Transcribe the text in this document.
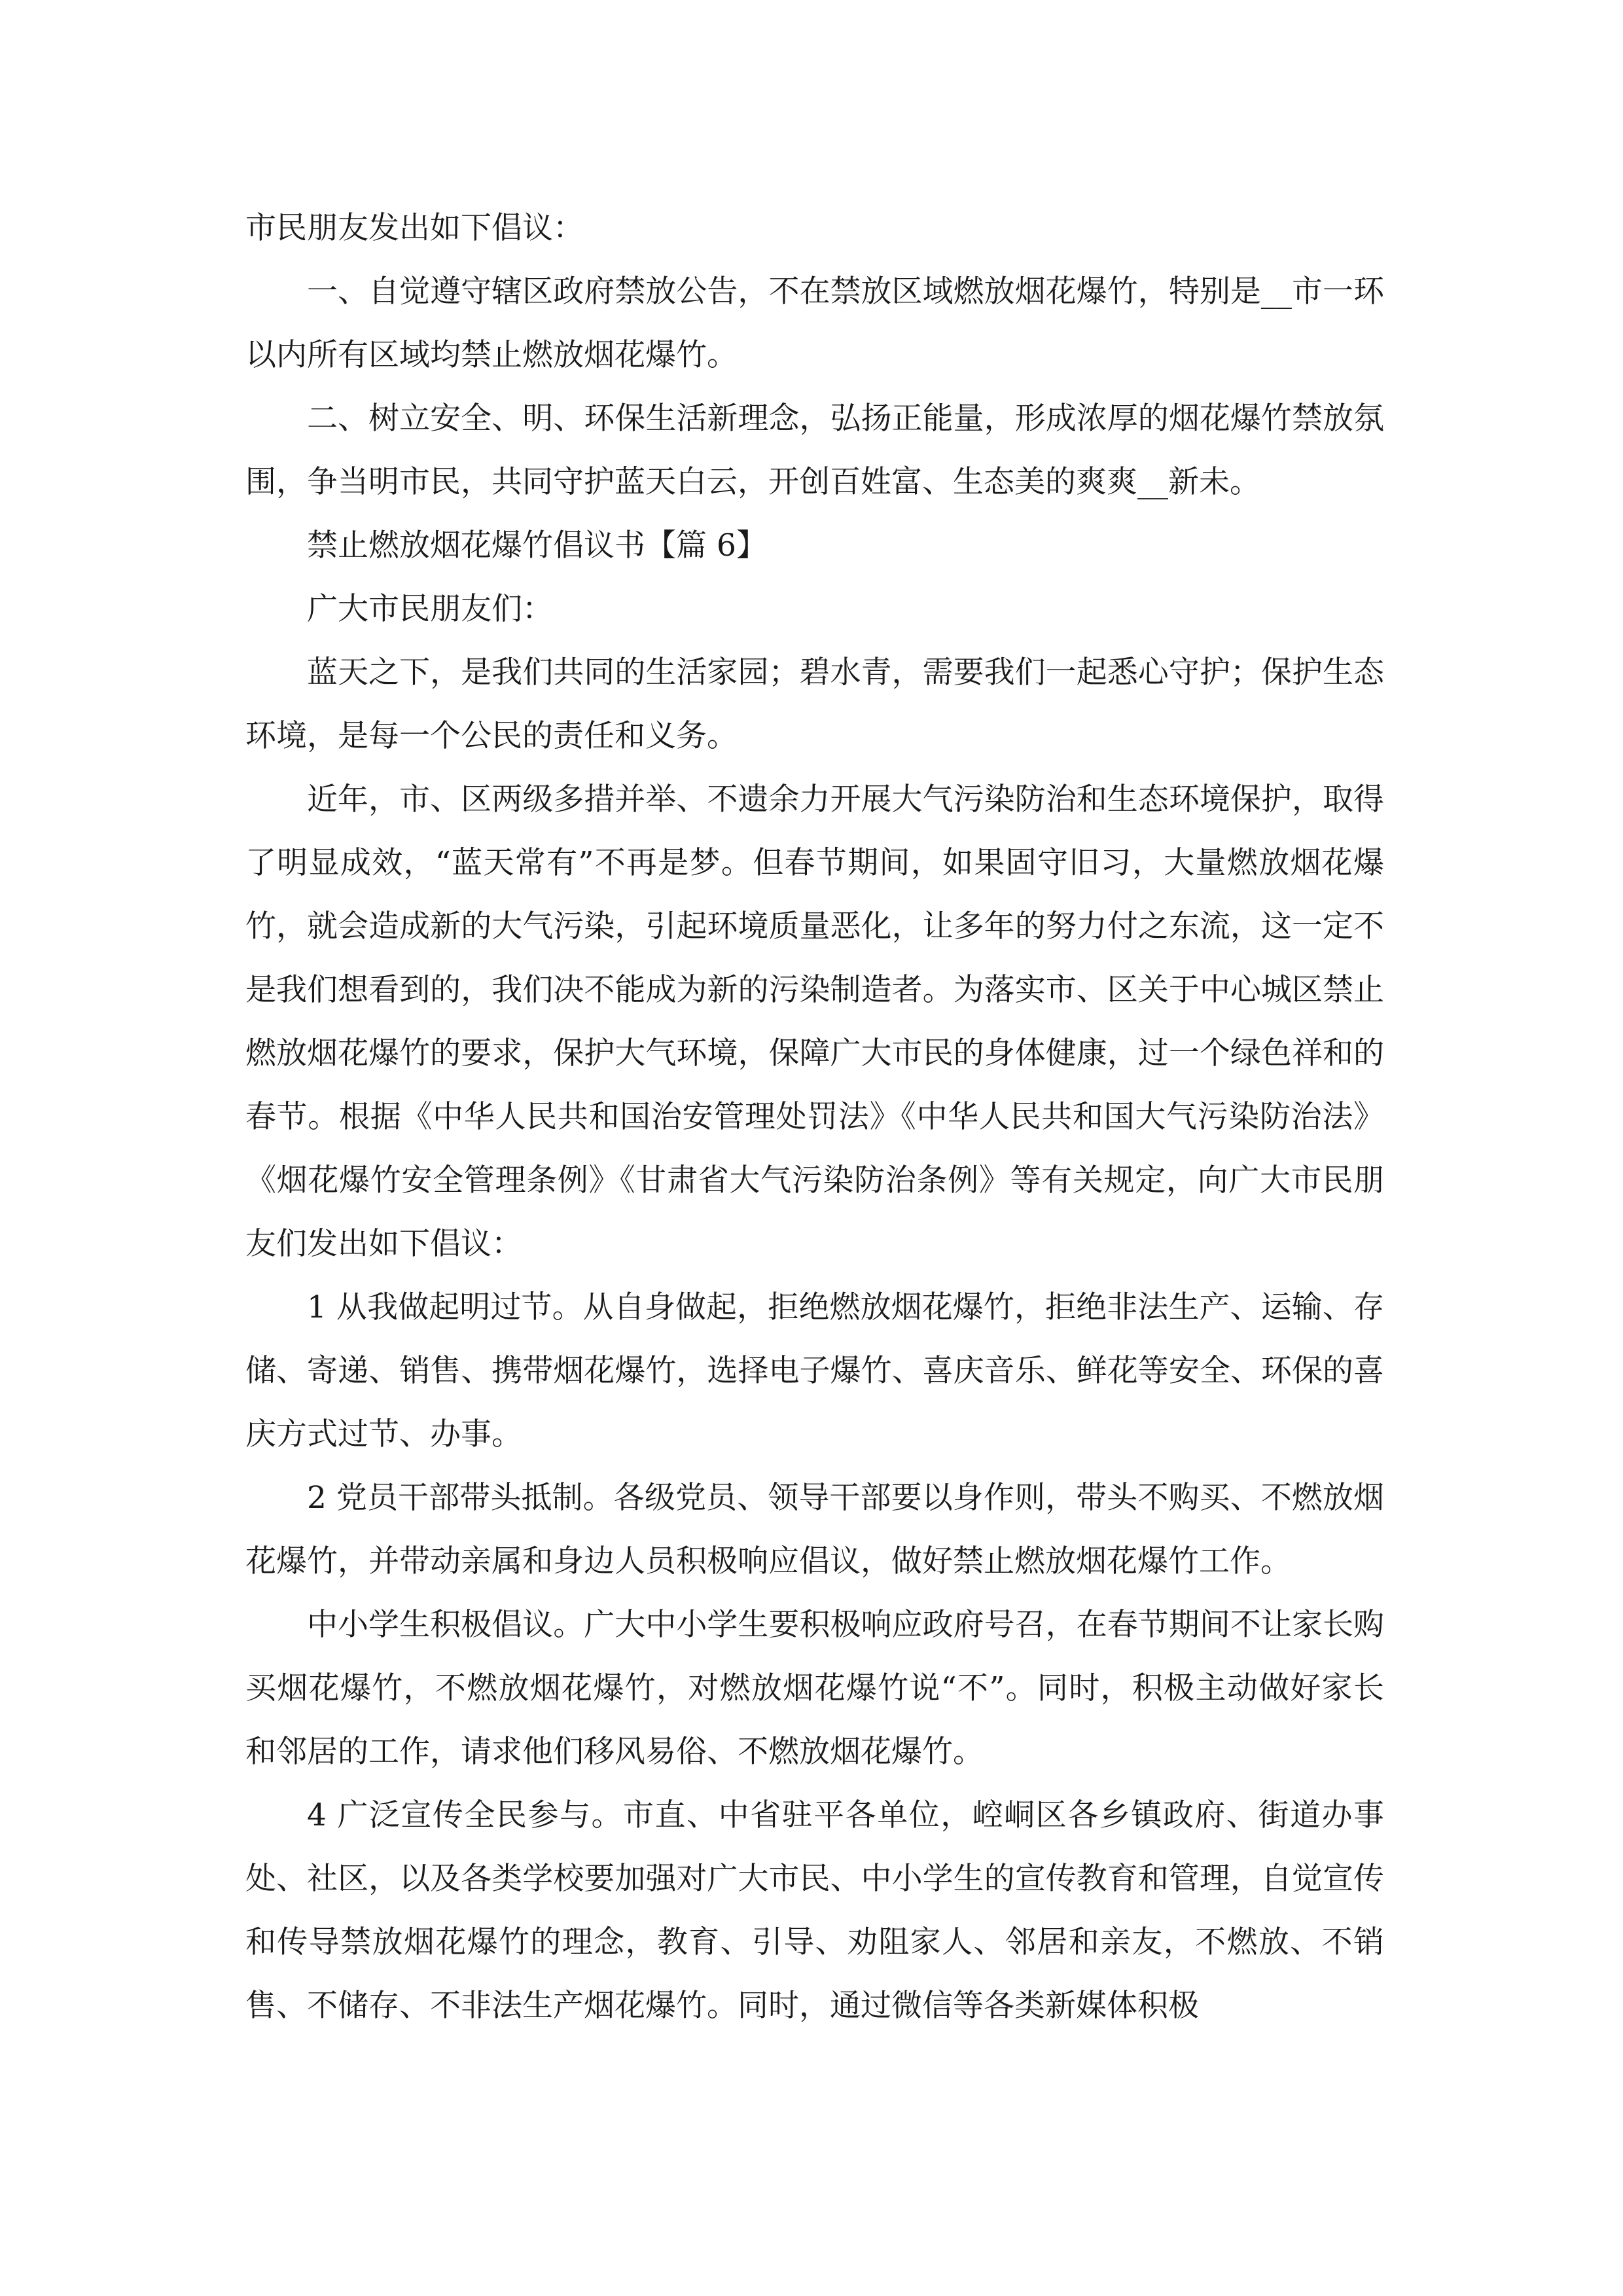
市民朋友发出如下倡议：

一、自觉遵守辖区政府禁放公告，不在禁放区域燃放烟花爆竹，特别是__市一环以内所有区域均禁止燃放烟花爆竹。

二、树立安全、明、环保生活新理念，弘扬正能量，形成浓厚的烟花爆竹禁放氛围，争当明市民，共同守护蓝天白云，开创百姓富、生态美的爽爽__新未。

禁止燃放烟花爆竹倡议书【篇 6】

广大市民朋友们：

蓝天之下，是我们共同的生活家园；碧水青，需要我们一起悉心守护；保护生态环境，是每一个公民的责任和义务。

近年，市、区两级多措并举、不遗余力开展大气污染防治和生态环境保护，取得了明显成效，“蓝天常有”不再是梦。但春节期间，如果固守旧习，大量燃放烟花爆竹，就会造成新的大气污染，引起环境质量恶化，让多年的努力付之东流，这一定不是我们想看到的，我们决不能成为新的污染制造者。为落实市、区关于中心城区禁止燃放烟花爆竹的要求，保护大气环境，保障广大市民的身体健康，过一个绿色祥和的春节。根据《中华人民共和国治安管理处罚法》《中华人民共和国大气污染防治法》《烟花爆竹安全管理条例》《甘肃省大气污染防治条例》等有关规定，向广大市民朋友们发出如下倡议：

1 从我做起明过节。从自身做起，拒绝燃放烟花爆竹，拒绝非法生产、运输、存储、寄递、销售、携带烟花爆竹，选择电子爆竹、喜庆音乐、鲜花等安全、环保的喜庆方式过节、办事。

2 党员干部带头抵制。各级党员、领导干部要以身作则，带头不购买、不燃放烟花爆竹，并带动亲属和身边人员积极响应倡议，做好禁止燃放烟花爆竹工作。

中小学生积极倡议。广大中小学生要积极响应政府号召，在春节期间不让家长购买烟花爆竹，不燃放烟花爆竹，对燃放烟花爆竹说“不”。同时，积极主动做好家长和邻居的工作，请求他们移风易俗、不燃放烟花爆竹。

4 广泛宣传全民参与。市直、中省驻平各单位，崆峒区各乡镇政府、街道办事处、社区，以及各类学校要加强对广大市民、中小学生的宣传教育和管理，自觉宣传和传导禁放烟花爆竹的理念，教育、引导、劝阻家人、邻居和亲友，不燃放、不销售、不储存、不非法生产烟花爆竹。同时，通过微信等各类新媒体积极
